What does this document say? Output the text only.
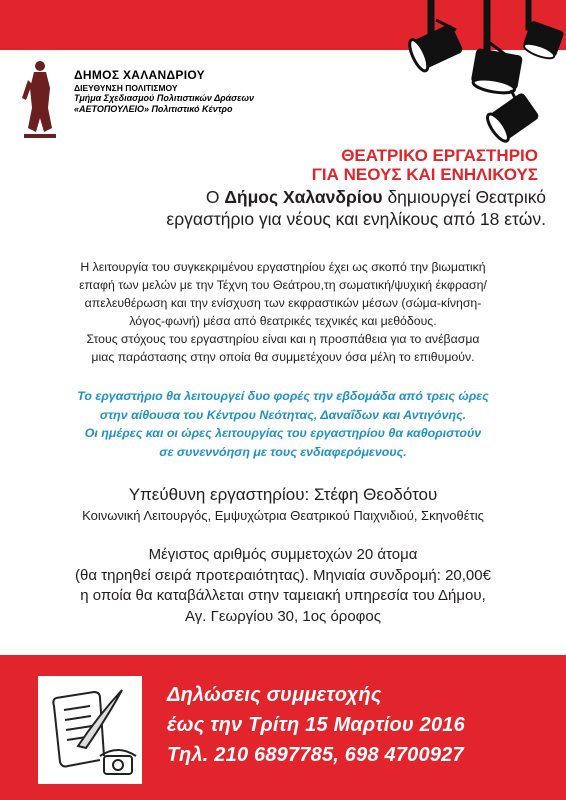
ΔΗΜΟΣ ΧΑΛΑΝΔΡΙΟΥ
ΔΙΕΥΘΥΝΣΗ ΠΟΛΙΤΙΣΜΟΥ
Τμήμα Σχεδιασμού Πολιτιστικών Δράσεων
«ΑΕΤΟΠΟΥΛΕΙΟ» Πολιτιστικό Κέντρο
ΘΕΑΤΡΙΚΟ ΕΡΓΑΣΤΗΡΙΟ
ΓΙΑ ΝΕΟΥΣ ΚΑΙ ΕΝΗΛΙΚΟΥΣ
Ο Δήμος Χαλανδρίου δημιουργεί Θεατρικό
εργαστήριο για νέους και ενηλίκους από 18 ετών.
Η λειτουργία του συγκεκριμένου εργαστηρίου έχει ως σκοπό την βιωματική
επαφή των μελών με την Τέχνη του Θεάτρου,τη σωματική/ψυχική έκφραση/
απελευθέρωση και την ενίσχυση των εκφραστικών μέσων (σώμα-κίνηση-
λόγος-φωνή) μέσα από θεατρικές τεχνικές και μεθόδους.
Στους στόχους του εργαστηρίου είναι και η προσπάθεια για το ανέβασμα
μιας παράστασης στην οποία θα συμμετέχουν όσα μέλη το επιθυμούν.
Το εργαστήριο θα λειτουργεί δυο φορές την εβδομάδα από τρεις ώρες
στην αίθουσα του Κέντρου Νεότητας, Δαναΐδων και Αντιγόνης.
Οι ημέρες και οι ώρες λειτουργίας του εργαστηρίου θα καθοριστούν
σε συνεννόηση με τους ενδιαφερόμενους.
Υπεύθυνη εργαστηρίου: Στέφη Θεοδότου
Κοινωνική Λειτουργός, Εμψυχώτρια Θεατρικού Παιχνιδιού, Σκηνοθέτις
Μέγιστος αριθμός συμμετοχών 20 άτομα
(θα τηρηθεί σειρά προτεραιότητας). Μηνιαία συνδρομή: 20,00€
η οποία θα καταβάλλεται στην ταμειακή υπηρεσία του Δήμου,
Αγ. Γεωργίου 30, 1ος όροφος
Δηλώσεις συμμετοχής
έως την Τρίτη 15 Μαρτίου 2016
Τηλ. 210 6897785, 698 4700927
